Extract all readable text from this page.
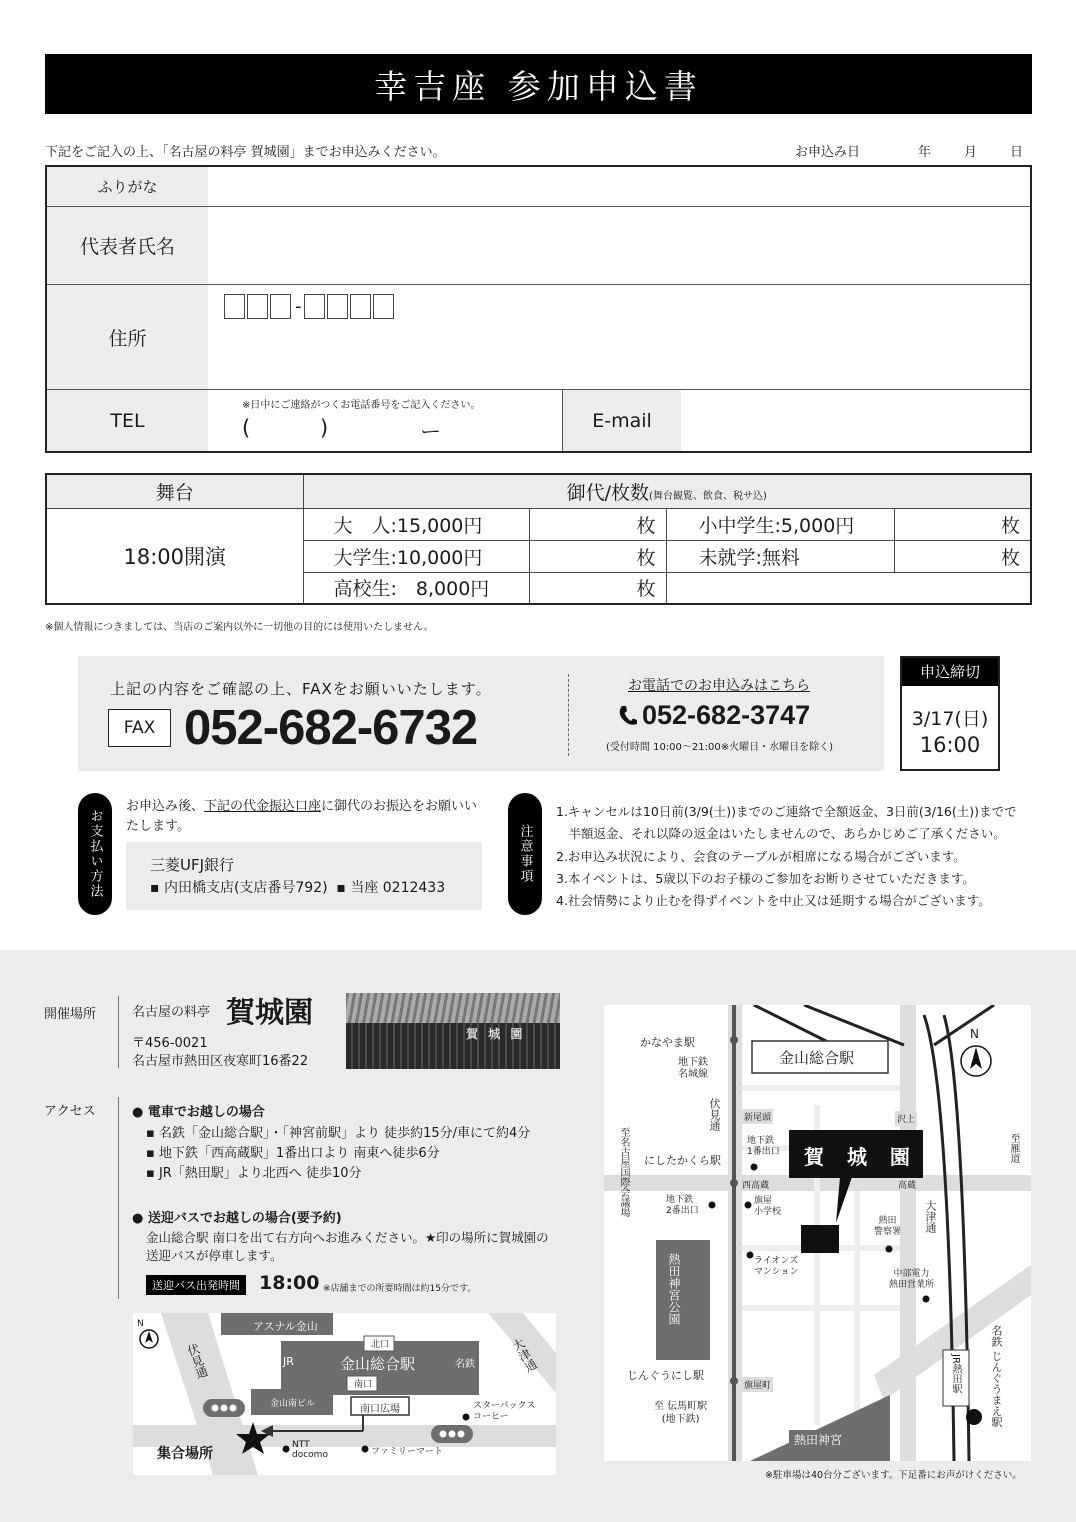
幸吉座 参加申込書
下記をご記入の上、「名古屋の料亭 賀城園」までお申込みください。	お申込み日	年	月	日
ふりがな
代表者氏名
住所
-
TEL
※日中にご連絡がつくお電話番号をご記入ください。
(	)	ー	E-mail
舞台	御代/枚数(舞台観覧、飲食、税サ込)			
18:00開演	大　人:15,000円	枚	小中学生:5,000円	枚
	大学生:10,000円	枚	未就学:無料	枚
	高校生:　8,000円	枚		
※個人情報につきましては、当店のご案内以外に一切他の目的には使用いたしません。
上記の内容をご確認の上、FAXをお願いいたします。
FAX 052-682-6732
お電話でのお申込みはこちら
052-682-3747
(受付時間 10:00〜21:00※火曜日・水曜日を除く)
申込締切
3/17(日)
16:00
お支払い方法
お申込み後、下記の代金振込口座に御代のお振込をお願いいたします。
三菱UFJ銀行
▪ 内田橋支店(支店番号792) ▪ 当座 0212433
注意事項
1.キャンセルは10日前(3/9(土))までのご連絡で全額返金、3日前(3/16(土))までで
　半額返金、それ以降の返金はいたしませんので、あらかじめご了承ください。
2.お申込み状況により、会食のテーブルが相席になる場合がございます。
3.本イベントは、5歳以下のお子様のご参加をお断りさせていただきます。
4.社会情勢により止むを得ずイベントを中止又は延期する場合がございます。
開催場所	名古屋の料亭 賀城園
〒456-0021
名古屋市熱田区夜寒町16番22
賀 城 園
アクセス	● 電車でお越しの場合
▪ 名鉄「金山総合駅」・「神宮前駅」より 徒歩約15分/車にて約4分
▪ 地下鉄「西高蔵駅」1番出口より 南東へ徒歩6分
▪ JR「熱田駅」より北西へ 徒歩10分
● 送迎バスでお越しの場合(要予約)
金山総合駅 南口を出て右方向へお進みください。★印の場所に賀城園の送迎バスが停車します。
送迎バス出発時間	18:00 ※店舗までの所要時間は約15分です。
N	アスナル金山
北口
JR	金山総合駅	名鉄
南口
金山南ビル	南口広場
伏見通	大津通
スターバックス
コーヒー
NTT
docomo	ファミリーマート
集合場所
かなやま駅
地下鉄
名城線
金山総合駅
伏見通	新尾頭	沢上
地下鉄
1番出口
にしたかくら駅
西高蔵	高蔵
至名古屋国際会議場	地下鉄
2番出口
旗屋
小学校
熱田
警察署 大津通
熱田神宮公園	ライオンズ
マンション	中部電力
熱田営業所
じんぐうにし駅
旗屋町
至 伝馬町駅
(地下鉄)
熱田神宮
JR熱田駅	名鉄 じんぐうまえ駅
至雁道
N
賀 城 園
※駐車場は40台分ございます。下足番にお声がけください。
